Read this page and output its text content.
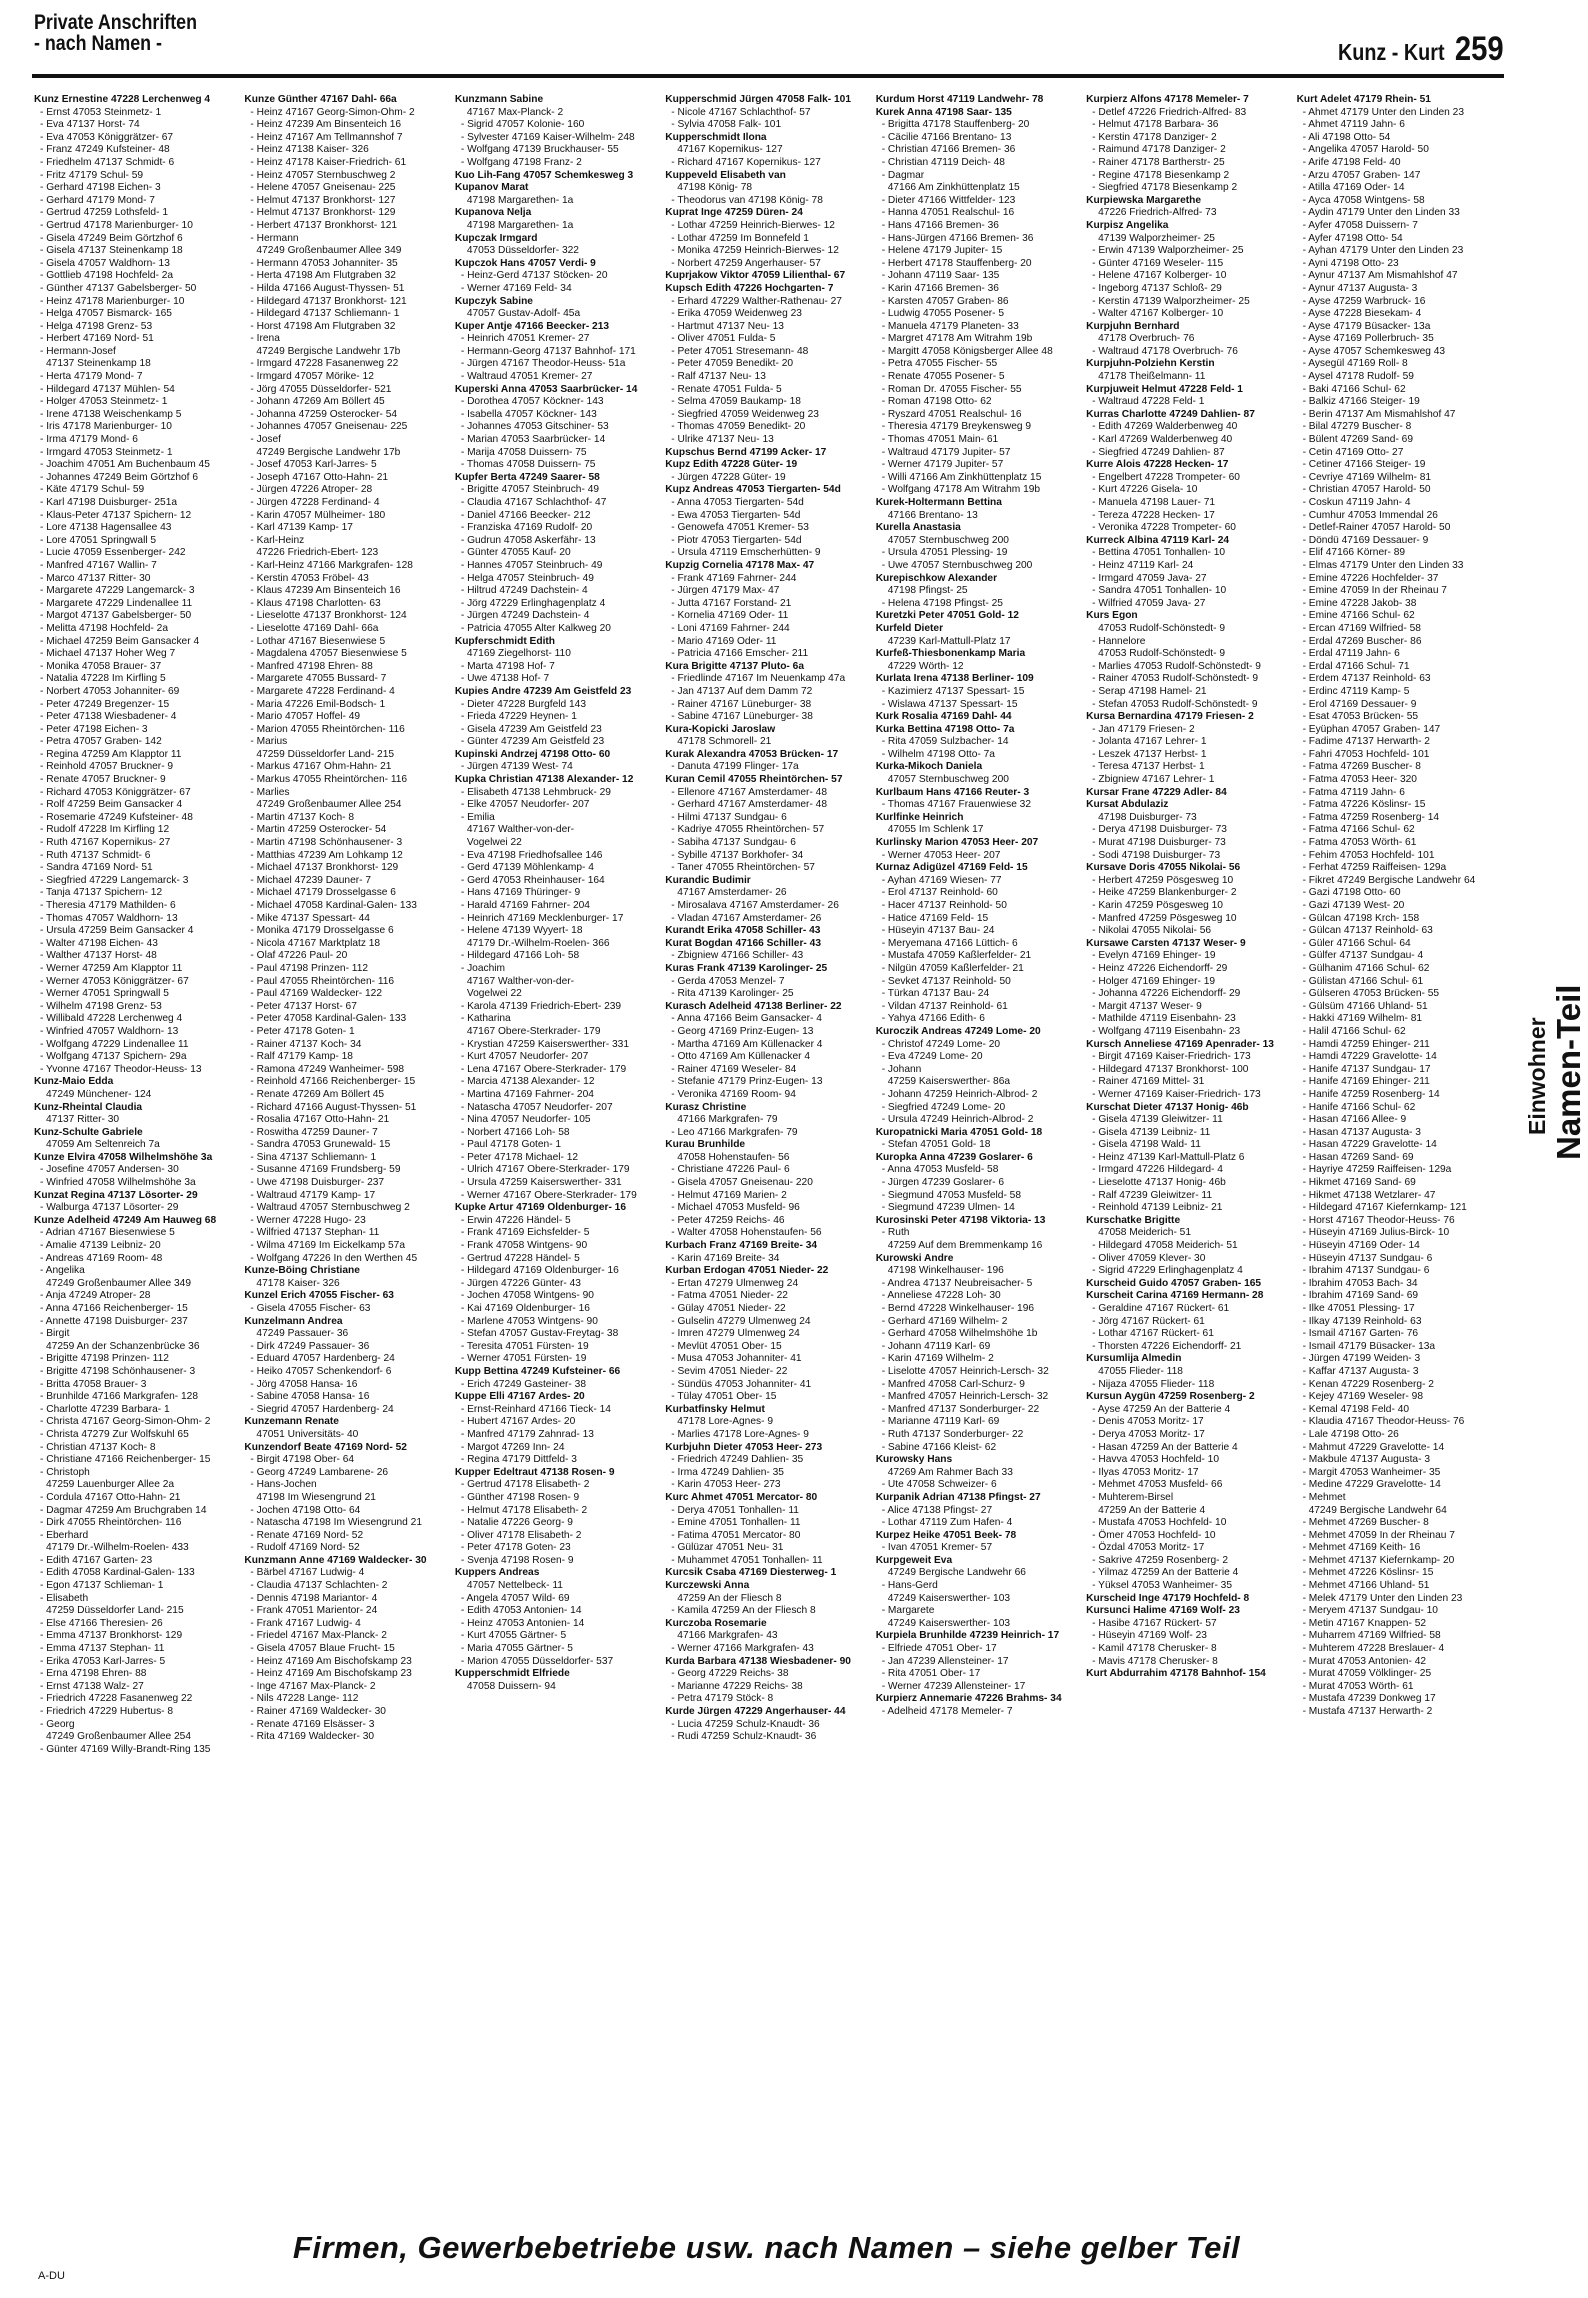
Private Anschriften
- nach Namen -	Kunz - Kurt 259
Einwohner Namen-Teil
Kunz Ernestine 47228 Lerchenweg 4
- Ernst 47053 Steinmetz- 1
- Eva 47137 Horst- 74
- Eva 47053 Königgrätzer- 67
- Franz 47249 Kufsteiner- 48
- Friedhelm 47137 Schmidt- 6
- Fritz 47179 Schul- 59
- Gerhard 47198 Eichen- 3
- Gerhard 47179 Mond- 7
- Gertrud 47259 Lothsfeld- 1
- Gertrud 47178 Marienburger- 10
- Gisela 47249 Beim Görtzhof 6
- Gisela 47137 Steinenkamp 18
- Gisela 47057 Waldhorn- 13
- Gottlieb 47198 Hochfeld- 2a
- Günther 47137 Gabelsberger- 50
- Heinz 47178 Marienburger- 10
- Helga 47057 Bismarck- 165
- Helga 47198 Grenz- 53
- Herbert 47169 Nord- 51
- Hermann-Josef
47137 Steinenkamp 18
- Herta 47179 Mond- 7
- Hildegard 47137 Mühlen- 54
- Holger 47053 Steinmetz- 1
- Irene 47138 Weischenkamp 5
- Iris 47178 Marienburger- 10
- Irma 47179 Mond- 6
- Irmgard 47053 Steinmetz- 1
- Joachim 47051 Am Buchenbaum 45
- Johannes 47249 Beim Görtzhof 6
- Käte 47179 Schul- 59
- Karl 47198 Duisburger- 251a
- Klaus-Peter 47137 Spichern- 12
- Lore 47138 Hagensallee 43
- Lore 47051 Springwall 5
- Lucie 47059 Essenberger- 242
- Manfred 47167 Wallin- 7
- Marco 47137 Ritter- 30
- Margarete 47229 Langemarck- 3
- Margarete 47229 Lindenallee 11
- Margot 47137 Gabelsberger- 50
- Melitta 47198 Hochfeld- 2a
- Michael 47259 Beim Gansacker 4
- Michael 47137 Hoher Weg 7
- Monika 47058 Brauer- 37
- Natalia 47228 Im Kirfling 5
- Norbert 47053 Johanniter- 69
- Peter 47249 Bregenzer- 15
- Peter 47138 Wiesbadener- 4
- Peter 47198 Eichen- 3
- Petra 47057 Graben- 142
- Regina 47259 Am Klapptor 11
- Reinhold 47057 Bruckner- 9
- Renate 47057 Bruckner- 9
- Richard 47053 Königgrätzer- 67
- Rolf 47259 Beim Gansacker 4
- Rosemarie 47249 Kufsteiner- 48
- Rudolf 47228 Im Kirfling 12
- Ruth 47167 Kopernikus- 27
- Ruth 47137 Schmidt- 6
- Sandra 47169 Nord- 51
- Siegfried 47229 Langemarck- 3
- Tanja 47137 Spichern- 12
- Theresia 47179 Mathilden- 6
- Thomas 47057 Waldhorn- 13
- Ursula 47259 Beim Gansacker 4
- Walter 47198 Eichen- 43
- Walther 47137 Horst- 48
- Werner 47259 Am Klapptor 11
- Werner 47053 Königgrätzer- 67
- Werner 47051 Springwall 5
- Wilhelm 47198 Grenz- 53
- Willibald 47228 Lerchenweg 4
- Winfried 47057 Waldhorn- 13
- Wolfgang 47229 Lindenallee 11
- Wolfgang 47137 Spichern- 29a
- Yvonne 47167 Theodor-Heuss- 13
Kunz-Maio Edda
47249 Münchener- 124
Kunz-Rheintal Claudia
47137 Ritter- 30
Kunz-Schulte Gabriele
47059 Am Seltenreich 7a
Kunze Elvira 47058 Wilhelmshöhe 3a
- Josefine 47057 Andersen- 30
- Winfried 47058 Wilhelmshöhe 3a
Kunzat Regina 47137 Lösorter- 29
- Walburga 47137 Lösorter- 29
Kunze Adelheid 47249 Am Hauweg 68
- Adrian 47167 Biesenwiese 5
- Amalie 47139 Leibniz- 20
- Andreas 47169 Room- 48
- Angelika
47249 Großenbaumer Allee 349
- Anja 47249 Atroper- 28
- Anna 47166 Reichenberger- 15
- Annette 47198 Duisburger- 237
- Birgit
47259 An der Schanzenbrücke 36
- Brigitte 47198 Prinzen- 112
- Brigitte 47198 Schönhausener- 3
- Britta 47058 Brauer- 3
- Brunhilde 47166 Markgrafen- 128
- Charlotte 47239 Barbara- 1
- Christa 47167 Georg-Simon-Ohm- 2
- Christa 47279 Zur Wolfskuhl 65
- Christian 47137 Koch- 8
- Christiane 47166 Reichenberger- 15
- Christoph
47259 Lauenburger Allee 2a
- Cordula 47167 Otto-Hahn- 21
- Dagmar 47259 Am Bruchgraben 14
- Dirk 47055 Rheintörchen- 116
- Eberhard
47179 Dr.-Wilhelm-Roelen- 433
- Edith 47167 Garten- 23
- Edith 47058 Kardinal-Galen- 133
- Egon 47137 Schlieman- 1
- Elisabeth
47259 Düsseldorfer Land- 215
- Else 47166 Theresien- 26
- Emma 47137 Bronkhorst- 129
- Emma 47137 Stephan- 11
- Erika 47053 Karl-Jarres- 5
- Erna 47198 Ehren- 88
- Ernst 47138 Walz- 27
- Friedrich 47228 Fasanenweg 22
- Friedrich 47229 Hubertus- 8
- Georg
47249 Großenbaumer Allee 254
- Günter 47169 Willy-Brandt-Ring 135
Kunze Günther 47167 Dahl- 66a
- Heinz 47167 Georg-Simon-Ohm- 2
- Heinz 47239 Am Binsenteich 16
- Heinz 47167 Am Tellmannshof 7
- Heinz 47138 Kaiser- 326
- Heinz 47178 Kaiser-Friedrich- 61
- Heinz 47057 Sternbuschweg 2
- Helene 47057 Gneisenau- 225
- Helmut 47137 Bronkhorst- 127
- Helmut 47137 Bronkhorst- 129
- Herbert 47137 Bronkhorst- 121
- Hermann
47249 Großenbaumer Allee 349
- Hermann 47053 Johanniter- 35
- Herta 47198 Am Flutgraben 32
- Hilda 47166 August-Thyssen- 51
- Hildegard 47137 Bronkhorst- 121
- Hildegard 47137 Schliemann- 1
- Horst 47198 Am Flutgraben 32
- Irena
47249 Bergische Landwehr 17b
- Irmgard 47228 Fasanenweg 22
- Irmgard 47057 Mörike- 12
- Jörg 47055 Düsseldorfer- 521
- Johann 47269 Am Böllert 45
- Johanna 47259 Osterocker- 54
- Johannes 47057 Gneisenau- 225
- Josef
47249 Bergische Landwehr 17b
- Josef 47053 Karl-Jarres- 5
- Joseph 47167 Otto-Hahn- 21
- Jürgen 47226 Atroper- 28
- Jürgen 47228 Ferdinand- 4
- Karin 47057 Mülheimer- 180
- Karl 47139 Kamp- 17
- Karl-Heinz
47226 Friedrich-Ebert- 123
- Karl-Heinz 47166 Markgrafen- 128
- Kerstin 47053 Fröbel- 43
- Klaus 47239 Am Binsenteich 16
- Klaus 47198 Charlotten- 63
- Lieselotte 47137 Bronkhorst- 124
- Lieselotte 47169 Dahl- 66a
- Lothar 47167 Biesenwiese 5
- Magdalena 47057 Biesenwiese 5
- Manfred 47198 Ehren- 88
- Margarete 47055 Bussard- 7
- Margarete 47228 Ferdinand- 4
- Maria 47226 Emil-Bodsch- 1
- Mario 47057 Hoffel- 49
- Marion 47055 Rheintörchen- 116
- Marius
47259 Düsseldorfer Land- 215
- Markus 47167 Ohm-Hahn- 21
- Markus 47055 Rheintörchen- 116
- Marlies
47249 Großenbaumer Allee 254
- Martin 47137 Koch- 8
- Martin 47259 Osterocker- 54
- Martin 47198 Schönhausener- 3
- Matthias 47239 Am Lohkamp 12
- Michael 47137 Bronkhorst- 129
- Michael 47239 Dauner- 7
- Michael 47179 Drosselgasse 6
- Michael 47058 Kardinal-Galen- 133
- Mike 47137 Spessart- 44
- Monika 47179 Drosselgasse 6
- Nicola 47167 Marktplatz 18
- Olaf 47226 Paul- 20
- Paul 47198 Prinzen- 112
- Paul 47055 Rheintörchen- 116
- Paul 47169 Waldecker- 122
- Peter 47137 Horst- 67
- Peter 47058 Kardinal-Galen- 133
- Peter 47178 Goten- 1
- Rainer 47137 Koch- 34
- Ralf 47179 Kamp- 18
- Ramona 47249 Wanheimer- 598
- Reinhold 47166 Reichenberger- 15
- Renate 47269 Am Böllert 45
- Richard 47166 August-Thyssen- 51
- Rosalia 47167 Otto-Hahn- 21
- Roswitha 47259 Dauner- 7
- Sandra 47053 Grunewald- 15
- Sina 47137 Schliemann- 1
- Susanne 47169 Frundsberg- 59
- Uwe 47198 Duisburger- 237
- Waltraud 47179 Kamp- 17
- Waltraud 47057 Sternbuschweg 2
- Werner 47228 Hugo- 23
- Wilfried 47137 Stephan- 11
- Wilma 47169 Im Eickelkamp 57a
- Wolfgang 47226 In den Werthen 45
Kunze-Böing Christiane
47178 Kaiser- 326
Kunzel Erich 47055 Fischer- 63
- Gisela 47055 Fischer- 63
Kunzelmann Andrea
47249 Passauer- 36
- Dirk 47249 Passauer- 36
- Eduard 47057 Hardenberg- 24
- Heiko 47057 Schenkendorf- 6
- Jörg 47058 Hansa- 16
- Sabine 47058 Hansa- 16
- Siegrid 47057 Hardenberg- 24
Kunzemann Renate
47051 Universitäts- 40
Kunzendorf Beate 47169 Nord- 52
- Birgit 47198 Ober- 64
- Georg 47249 Lambarene- 26
- Hans-Jochen
47198 Im Wiesengrund 21
- Jochen 47198 Otto- 64
- Natascha 47198 Im Wiesengrund 21
- Renate 47169 Nord- 52
- Rudolf 47169 Nord- 52
Kunzmann Anne 47169 Waldecker- 30
- Bärbel 47167 Ludwig- 4
- Claudia 47137 Schlachten- 2
- Dennis 47198 Mariantor- 4
- Frank 47051 Marientor- 24
- Frank 47167 Ludwig- 4
- Friedel 47167 Max-Planck- 2
- Gisela 47057 Blaue Frucht- 15
- Heinz 47169 Am Bischofskamp 23
- Heinz 47169 Am Bischofskamp 23
- Inge 47167 Max-Planck- 2
- Nils 47228 Lange- 112
- Rainer 47169 Waldecker- 30
- Renate 47169 Elsässer- 3
- Rita 47169 Waldecker- 30
Kunzmann Sabine
47167 Max-Planck- 2
- Sigrid 47057 Kolonie- 160
- Sylvester 47169 Kaiser-Wilhelm- 248
- Wolfgang 47139 Bruckhauser- 55
- Wolfgang 47198 Franz- 2
Kuo Lih-Fang 47057 Schemkesweg 3
Kupanov Marat
47198 Margarethen- 1a
Kupanova Nelja
47198 Margarethen- 1a
Kupczak Irmgard
47053 Düsseldorfer- 322
Kupczok Hans 47057 Verdi- 9
- Heinz-Gerd 47137 Stöcken- 20
- Werner 47169 Feld- 34
Kupczyk Sabine
47057 Gustav-Adolf- 45a
Kuper Antje 47166 Beecker- 213
- Heinrich 47051 Kremer- 27
- Hermann-Georg 47137 Bahnhof- 171
- Jürgen 47167 Theodor-Heuss- 51a
- Waltraud 47051 Kremer- 27
Kuperski Anna 47053 Saarbrücker- 14
- Dorothea 47057 Köckner- 143
- Isabella 47057 Köckner- 143
- Johannes 47053 Gitschiner- 53
- Marian 47053 Saarbrücker- 14
- Marija 47058 Duissern- 75
- Thomas 47058 Duissern- 75
Kupfer Berta 47249 Saarer- 58
- Brigitte 47057 Steinbruch- 49
- Claudia 47167 Schlachthof- 47
- Daniel 47166 Beecker- 212
- Franziska 47169 Rudolf- 20
- Gudrun 47058 Askerfähr- 13
- Günter 47055 Kauf- 20
- Hannes 47057 Steinbruch- 49
- Helga 47057 Steinbruch- 49
- Hiltrud 47249 Dachstein- 4
- Jörg 47229 Erlinghagenplatz 4
- Jürgen 47249 Dachstein- 4
- Patricia 47055 Alter Kalkweg 20
Kupferschmidt Edith
47169 Ziegelhorst- 110
- Marta 47198 Hof- 7
- Uwe 47138 Hof- 7
Kupies Andre 47239 Am Geistfeld 23
- Dieter 47228 Burgfeld 143
- Frieda 47229 Heynen- 1
- Gisela 47239 Am Geistfeld 23
- Günter 47239 Am Geistfeld 23
Kupinski Andrzej 47198 Otto- 60
- Jürgen 47139 West- 74
Kupka Christian 47138 Alexander- 12
- Elisabeth 47138 Lehmbruck- 29
- Elke 47057 Neudorfer- 207
- Emilia
47167 Walther-von-der-
Vogelwei 22
- Eva 47198 Friedhofsallee 146
- Gerd 47139 Möhlenkamp- 4
- Gerd 47053 Rheinhauser- 164
- Hans 47169 Thüringer- 9
- Harald 47169 Fahrner- 204
- Heinrich 47169 Mecklenburger- 17
- Helene 47139 Wyyert- 18
47179 Dr.-Wilhelm-Roelen- 366
- Hildegard 47166 Loh- 58
- Joachim
47167 Walther-von-der-
Vogelwei 22
- Karola 47139 Friedrich-Ebert- 239
- Katharina
47167 Obere-Sterkrader- 179
- Krystian 47259 Kaiserswerther- 331
- Kurt 47057 Neudorfer- 207
- Lena 47167 Obere-Sterkrader- 179
- Marcia 47138 Alexander- 12
- Martina 47169 Fahrner- 204
- Natascha 47057 Neudorfer- 207
- Nina 47057 Neudorfer- 105
- Norbert 47166 Loh- 58
- Paul 47178 Goten- 1
- Peter 47178 Michael- 12
- Ulrich 47167 Obere-Sterkrader- 179
- Ursula 47259 Kaiserswerther- 331
- Werner 47167 Obere-Sterkrader- 179
Kupke Artur 47169 Oldenburger- 16
- Erwin 47226 Händel- 5
- Frank 47169 Eichsfelder- 5
- Frank 47058 Wintgens- 90
- Gertrud 47228 Händel- 5
- Hildegard 47169 Oldenburger- 16
- Jürgen 47226 Günter- 43
- Jochen 47058 Wintgens- 90
- Kai 47169 Oldenburger- 16
- Marlene 47053 Wintgens- 90
- Stefan 47057 Gustav-Freytag- 38
- Teresita 47051 Fürsten- 19
- Werner 47051 Fürsten- 19
Kupp Bettina 47249 Kufsteiner- 66
- Erich 47249 Gasteiner- 38
Kuppe Elli 47167 Ardes- 20
- Ernst-Reinhard 47166 Tieck- 14
- Hubert 47167 Ardes- 20
- Manfred 47179 Zahnrad- 13
- Margot 47269 Inn- 24
- Regina 47179 Dittfeld- 3
Kupper Edeltraut 47138 Rosen- 9
- Gertrud 47178 Elisabeth- 2
- Günther 47198 Rosen- 9
- Helmut 47178 Elisabeth- 2
- Natalie 47226 Georg- 9
- Oliver 47178 Elisabeth- 2
- Peter 47178 Goten- 23
- Svenja 47198 Rosen- 9
Kuppers Andreas
47057 Nettelbeck- 11
- Angela 47057 Wild- 69
- Edith 47053 Antonien- 14
- Heinz 47053 Antonien- 14
- Kurt 47055 Gärtner- 5
- Maria 47055 Gärtner- 5
- Marion 47055 Düsseldorfer- 537
Kupperschmidt Elfriede
47058 Duissern- 94
Kupperschmid Jürgen 47058 Falk- 101
- Nicole 47167 Schlachthof- 57
- Sylvia 47058 Falk- 101
Kupperschmidt Ilona
47167 Kopernikus- 127
- Richard 47167 Kopernikus- 127
Kuppeveld Elisabeth van
47198 König- 78
- Theodorus van 47198 König- 78
Kuprat Inge 47259 Düren- 24
- Lothar 47259 Heinrich-Bierwes- 12
- Lothar 47259 Im Bonnefeld 1
- Monika 47259 Heinrich-Bierwes- 12
- Norbert 47259 Angerhauser- 57
Kuprjakow Viktor 47059 Lilienthal- 67
Kupsch Edith 47226 Hochgarten- 7
- Erhard 47229 Walther-Rathenau- 27
- Erika 47059 Weidenweg 23
- Hartmut 47137 Neu- 13
- Oliver 47051 Fulda- 5
- Peter 47051 Stresemann- 48
- Peter 47059 Benedikt- 20
- Ralf 47137 Neu- 13
- Renate 47051 Fulda- 5
- Selma 47059 Baukamp- 18
- Siegfried 47059 Weidenweg 23
- Thomas 47059 Benedikt- 20
- Ulrike 47137 Neu- 13
Kupschus Bernd 47199 Acker- 17
Kupz Edith 47228 Güter- 19
- Jürgen 47228 Güter- 19
Kupz Andreas 47053 Tiergarten- 54d
- Anna 47053 Tiergarten- 54d
- Ewa 47053 Tiergarten- 54d
- Genowefa 47051 Kremer- 53
- Piotr 47053 Tiergarten- 54d
- Ursula 47119 Emscherhütten- 9
Kupzig Cornelia 47178 Max- 47
- Frank 47169 Fahrner- 244
- Jürgen 47179 Max- 47
- Jutta 47167 Forstand- 21
- Kornelia 47169 Oder- 11
- Loni 47169 Fahrner- 244
- Mario 47169 Oder- 11
- Patricia 47166 Emscher- 211
Kura Brigitte 47137 Pluto- 6a
- Friedlinde 47167 Im Neuenkamp 47a
- Jan 47137 Auf dem Damm 72
- Rainer 47167 Lüneburger- 38
- Sabine 47167 Lüneburger- 38
Kura-Kopicki Jaroslaw
47178 Schmorell- 21
Kurak Alexandra 47053 Brücken- 17
- Danuta 47199 Flinger- 17a
Kuran Cemil 47055 Rheintörchen- 57
- Ellenore 47167 Amsterdamer- 48
- Gerhard 47167 Amsterdamer- 48
- Hilmi 47137 Sundgau- 6
- Kadriye 47055 Rheintörchen- 57
- Sabiha 47137 Sundgau- 6
- Sybille 47137 Borkhofer- 34
- Taner 47055 Rheintörchen- 57
Kurandic Budimir
47167 Amsterdamer- 26
- Mirosalava 47167 Amsterdamer- 26
- Vladan 47167 Amsterdamer- 26
Kurandt Erika 47058 Schiller- 43
Kurat Bogdan 47166 Schiller- 43
- Zbigniew 47166 Schiller- 43
Kuras Frank 47139 Karolinger- 25
- Gerda 47053 Menzel- 7
- Rita 47139 Karolinger- 25
Kurasch Adelheid 47138 Berliner- 22
- Anna 47166 Beim Gansacker- 4
- Georg 47169 Prinz-Eugen- 13
- Martha 47169 Am Küllenacker 4
- Otto 47169 Am Küllenacker 4
- Rainer 47169 Weseler- 84
- Stefanie 47179 Prinz-Eugen- 13
- Veronika 47169 Room- 94
Kurasz Christine
47166 Markgrafen- 79
- Leo 47166 Markgrafen- 79
Kurau Brunhilde
47058 Hohenstaufen- 56
- Christiane 47226 Paul- 6
- Gisela 47057 Gneisenau- 220
- Helmut 47169 Marien- 2
- Michael 47053 Musfeld- 96
- Peter 47259 Reichs- 46
- Walter 47058 Hohenstaufen- 56
Kurbach Franz 47169 Breite- 34
- Karin 47169 Breite- 34
Kurban Erdogan 47051 Nieder- 22
- Ertan 47279 Ulmenweg 24
- Fatma 47051 Nieder- 22
- Gülay 47051 Nieder- 22
- Gulselin 47279 Ulmenweg 24
- Imren 47279 Ulmenweg 24
- Mevlüt 47051 Ober- 15
- Musa 47053 Johanniter- 41
- Sevim 47051 Nieder- 22
- Sündüs 47053 Johanniter- 41
- Tülay 47051 Ober- 15
Kurbatfinsky Helmut
47178 Lore-Agnes- 9
- Marlies 47178 Lore-Agnes- 9
Kurbjuhn Dieter 47053 Heer- 273
- Friedrich 47249 Dahlien- 35
- Irma 47249 Dahlien- 35
- Karin 47053 Heer- 273
Kurc Ahmet 47051 Mercator- 80
- Derya 47051 Tonhallen- 11
- Emine 47051 Tonhallen- 11
- Fatima 47051 Mercator- 80
- Gülüzar 47051 Neu- 31
- Muhammet 47051 Tonhallen- 11
Kurcsik Csaba 47169 Diesterweg- 1
Kurczewski Anna
47259 An der Fliesch 8
- Kamila 47259 An der Fliesch 8
Kurczoba Rosemarie
47166 Markgrafen- 43
- Werner 47166 Markgrafen- 43
Kurda Barbara 47138 Wiesbadener- 90
- Georg 47229 Reichs- 38
- Marianne 47229 Reichs- 38
- Petra 47179 Stöck- 8
Kurde Jürgen 47229 Angerhauser- 44
- Lucia 47259 Schulz-Knaudt- 36
- Rudi 47259 Schulz-Knaudt- 36
Kurdum Horst 47119 Landwehr- 78
Kurek Anna 47198 Saar- 135
- Brigitta 47178 Stauffenberg- 20
- Cäcilie 47166 Brentano- 13
- Christian 47166 Bremen- 36
- Christian 47119 Deich- 48
- Dagmar
47166 Am Zinkhüttenplatz 15
- Dieter 47166 Wittfelder- 123
- Hanna 47051 Realschul- 16
- Hans 47166 Bremen- 36
- Hans-Jürgen 47166 Bremen- 36
- Helene 47179 Jupiter- 15
- Herbert 47178 Stauffenberg- 20
- Johann 47119 Saar- 135
- Karin 47166 Bremen- 36
- Karsten 47057 Graben- 86
- Ludwig 47055 Posener- 5
- Manuela 47179 Planeten- 33
- Margret 47178 Am Witrahm 19b
- Margitt 47058 Königsberger Allee 48
- Petra 47055 Fischer- 55
- Renate 47055 Posener- 5
- Roman Dr. 47055 Fischer- 55
- Roman 47198 Otto- 62
- Ryszard 47051 Realschul- 16
- Theresia 47179 Breykensweg 9
- Thomas 47051 Main- 61
- Waltraud 47179 Jupiter- 57
- Werner 47179 Jupiter- 57
- Willi 47166 Am Zinkhüttenplatz 15
- Wolfgang 47178 Am Witrahm 19b
Kurek-Holtermann Bettina
47166 Brentano- 13
Kurella Anastasia
47057 Sternbuschweg 200
- Ursula 47051 Plessing- 19
- Uwe 47057 Sternbuschweg 200
Kurepischkow Alexander
47198 Pfingst- 25
- Helena 47198 Pfingst- 25
Kuretzki Peter 47051 Gold- 12
Kurfeld Dieter
47239 Karl-Mattull-Platz 17
Kurfeß-Thiesbonenkamp Maria
47229 Wörth- 12
Kurlata Irena 47138 Berliner- 109
- Kazimierz 47137 Spessart- 15
- Wislawa 47137 Spessart- 15
Kurk Rosalia 47169 Dahl- 44
Kurka Bettina 47198 Otto- 7a
- Rita 47059 Sulzbacher- 14
- Wilhelm 47198 Otto- 7a
Kurka-Mikoch Daniela
47057 Sternbuschweg 200
Kurlbaum Hans 47166 Reuter- 3
- Thomas 47167 Frauenwiese 32
Kurlfinke Heinrich
47055 Im Schlenk 17
Kurlinsky Marion 47053 Heer- 207
- Werner 47053 Heer- 207
Kurnaz Adigüzel 47169 Feld- 15
- Ayhan 47169 Wiesen- 77
- Erol 47137 Reinhold- 60
- Hacer 47137 Reinhold- 50
- Hatice 47169 Feld- 15
- Hüseyin 47137 Bau- 24
- Meryemana 47166 Lüttich- 6
- Mustafa 47059 Kaßlerfelder- 21
- Nilgün 47059 Kaßlerfelder- 21
- Sevket 47137 Reinhold- 50
- Türkan 47137 Bau- 24
- Vildan 47137 Reinhold- 61
- Yahya 47166 Edith- 6
Kuroczik Andreas 47249 Lome- 20
- Christof 47249 Lome- 20
- Eva 47249 Lome- 20
- Johann
47259 Kaiserswerther- 86a
- Johann 47259 Heinrich-Albrod- 2
- Siegfried 47249 Lome- 20
- Ursula 47249 Heinrich-Albrod- 2
Kuropatnicki Maria 47051 Gold- 18
- Stefan 47051 Gold- 18
Kuropka Anna 47239 Goslarer- 6
- Anna 47053 Musfeld- 58
- Jürgen 47239 Goslarer- 6
- Siegmund 47053 Musfeld- 58
- Siegmund 47239 Ulmen- 14
Kurosinski Peter 47198 Viktoria- 13
- Ruth
47259 Auf dem Bremmenkamp 16
Kurowski Andre
47198 Winkelhauser- 196
- Andrea 47137 Neubreisacher- 5
- Anneliese 47228 Loh- 30
- Bernd 47228 Winkelhauser- 196
- Gerhard 47169 Wilhelm- 2
- Gerhard 47058 Wilhelmshöhe 1b
- Johann 47119 Karl- 69
- Karin 47169 Wilhelm- 2
- Liselotte 47057 Heinrich-Lersch- 32
- Manfred 47058 Carl-Schurz- 9
- Manfred 47057 Heinrich-Lersch- 32
- Manfred 47137 Sonderburger- 22
- Marianne 47119 Karl- 69
- Ruth 47137 Sonderburger- 22
- Sabine 47166 Kleist- 62
Kurowsky Hans
47269 Am Rahmer Bach 33
- Ute 47058 Schweizer- 6
Kurpanik Adrian 47138 Pfingst- 27
- Alice 47138 Pfingst- 27
- Lothar 47119 Zum Hafen- 4
Kurpez Heike 47051 Beek- 78
- Ivan 47051 Kremer- 57
Kurpgeweit Eva
47249 Bergische Landwehr 66
- Hans-Gerd
47249 Kaiserswerther- 103
- Margarete
47249 Kaiserswerther- 103
Kurpiela Brunhilde 47239 Heinrich- 17
- Elfriede 47051 Ober- 17
- Jan 47239 Allensteiner- 17
- Rita 47051 Ober- 17
- Werner 47239 Allensteiner- 17
Kurpierz Annemarie 47226 Brahms- 34
- Adelheid 47178 Memeler- 7
Kurpierz Alfons 47178 Memeler- 7
- Detlef 47226 Friedrich-Alfred- 83
- Helmut 47178 Barbara- 36
- Kerstin 47178 Danziger- 2
- Raimund 47178 Danziger- 2
- Rainer 47178 Bartherstr- 25
- Regine 47178 Biesenkamp 2
- Siegfried 47178 Biesenkamp 2
Kurpiewska Margarethe
47226 Friedrich-Alfred- 73
Kurpisz Angelika
47139 Walporzheimer- 25
- Erwin 47139 Walporzheimer- 25
- Günter 47169 Weseler- 115
- Helene 47167 Kolberger- 10
- Ingeborg 47137 Schloß- 29
- Kerstin 47139 Walporzheimer- 25
- Walter 47167 Kolberger- 10
Kurpjuhn Bernhard
47178 Overbruch- 76
- Waltraud 47178 Overbruch- 76
Kurpjuhn-Polziehn Kerstin
47178 Theißelmann- 11
Kurpjuweit Helmut 47228 Feld- 1
- Waltraud 47228 Feld- 1
Kurras Charlotte 47249 Dahlien- 87
- Edith 47269 Walderbenweg 40
- Karl 47269 Walderbenweg 40
- Siegfried 47249 Dahlien- 87
Kurre Alois 47228 Hecken- 17
- Engelbert 47228 Trompeter- 60
- Kurt 47226 Gisela- 10
- Manuela 47198 Lauer- 71
- Tereza 47228 Hecken- 17
- Veronika 47228 Trompeter- 60
Kurreck Albina 47119 Karl- 24
- Bettina 47051 Tonhallen- 10
- Heinz 47119 Karl- 24
- Irmgard 47059 Java- 27
- Sandra 47051 Tonhallen- 10
- Wilfried 47059 Java- 27
Kurs Egon
47053 Rudolf-Schönstedt- 9
- Hannelore
47053 Rudolf-Schönstedt- 9
- Marlies 47053 Rudolf-Schönstedt- 9
- Rainer 47053 Rudolf-Schönstedt- 9
- Serap 47198 Hamel- 21
- Stefan 47053 Rudolf-Schönstedt- 9
Kursa Bernardina 47179 Friesen- 2
- Jan 47179 Friesen- 2
- Jolanta 47167 Lehrer- 1
- Leszek 47137 Herbst- 1
- Teresa 47137 Herbst- 1
- Zbigniew 47167 Lehrer- 1
Kursar Frane 47229 Adler- 84
Kursat Abdulaziz
47198 Duisburger- 73
- Derya 47198 Duisburger- 73
- Murat 47198 Duisburger- 73
- Sodi 47198 Duisburger- 73
Kursave Doris 47055 Nikolai- 56
- Herbert 47259 Pösgesweg 10
- Heike 47259 Blankenburger- 2
- Karin 47259 Pösgesweg 10
- Manfred 47259 Pösgesweg 10
- Nikolai 47055 Nikolai- 56
Kursawe Carsten 47137 Weser- 9
- Evelyn 47169 Ehinger- 19
- Heinz 47226 Eichendorff- 29
- Holger 47169 Ehinger- 19
- Johanna 47226 Eichendorff- 29
- Margit 47137 Weser- 9
- Mathilde 47119 Eisenbahn- 23
- Wolfgang 47119 Eisenbahn- 23
Kursch Anneliese 47169 Apenrader- 13
- Birgit 47169 Kaiser-Friedrich- 173
- Hildegard 47137 Bronkhorst- 100
- Rainer 47169 Mittel- 31
- Werner 47169 Kaiser-Friedrich- 173
Kurschat Dieter 47137 Honig- 46b
- Gisela 47139 Gleiwitzer- 11
- Gisela 47139 Leibniz- 11
- Gisela 47198 Wald- 11
- Heinz 47139 Karl-Mattull-Platz 6
- Irmgard 47226 Hildegard- 4
- Lieselotte 47137 Honig- 46b
- Ralf 47239 Gleiwitzer- 11
- Reinhold 47139 Leibniz- 21
Kurschatke Brigitte
47058 Meiderich- 51
- Hildegard 47058 Meiderich- 51
- Oliver 47059 Klever- 30
- Sigrid 47229 Erlinghagenplatz 4
Kurscheid Guido 47057 Graben- 165
Kurscheit Carina 47169 Hermann- 28
- Geraldine 47167 Rückert- 61
- Jörg 47167 Rückert- 61
- Lothar 47167 Rückert- 61
- Thorsten 47226 Eichendorff- 21
Kursumlija Almedin
47055 Flieder- 118
- Nijaza 47055 Flieder- 118
Kursun Aygün 47259 Rosenberg- 2
- Ayse 47259 An der Batterie 4
- Denis 47053 Moritz- 17
- Derya 47053 Moritz- 17
- Hasan 47259 An der Batterie 4
- Havva 47053 Hochfeld- 10
- Ilyas 47053 Moritz- 17
- Mehmet 47053 Musfeld- 66
- Muhterem-Birsel
47259 An der Batterie 4
- Mustafa 47053 Hochfeld- 10
- Ömer 47053 Hochfeld- 10
- Özdal 47053 Moritz- 17
- Sakrive 47259 Rosenberg- 2
- Yilmaz 47259 An der Batterie 4
- Yüksel 47053 Wanheimer- 35
Kurscheid Inge 47179 Hochfeld- 8
Kursunci Halime 47169 Wolf- 23
- Hasibe 47167 Rückert- 57
- Hüseyin 47169 Wolf- 23
- Kamil 47178 Cherusker- 8
- Mavis 47178 Cherusker- 8
Kurt Abdurrahim 47178 Bahnhof- 154
Kurt Adelet 47179 Rhein- 51
- Ahmet 47179 Unter den Linden 23
- Ahmet 47119 Jahn- 6
- Ali 47198 Otto- 54
- Angelika 47057 Harold- 50
- Arife 47198 Feld- 40
- Arzu 47057 Graben- 147
- Atilla 47169 Oder- 14
- Ayca 47058 Wintgens- 58
- Aydin 47179 Unter den Linden 33
- Ayfer 47058 Duissern- 7
- Ayfer 47198 Otto- 54
- Ayhan 47179 Unter den Linden 23
- Ayni 47198 Otto- 23
- Aynur 47137 Am Mismahlshof 47
- Aynur 47137 Augusta- 3
- Ayse 47259 Warbruck- 16
- Ayse 47228 Biesekam- 4
- Ayse 47179 Büsacker- 13a
- Ayse 47169 Pollerbruch- 35
- Ayse 47057 Schemkesweg 43
- Aysegül 47169 Roll- 8
- Aysel 47178 Rudolf- 59
- Baki 47166 Schul- 62
- Balkiz 47166 Steiger- 19
- Berin 47137 Am Mismahlshof 47
- Bilal 47279 Buscher- 8
- Bülent 47269 Sand- 69
- Cetin 47169 Otto- 27
- Cetiner 47166 Steiger- 19
- Cevriye 47169 Wilhelm- 81
- Christian 47057 Harold- 50
- Coskun 47119 Jahn- 4
- Cumhur 47053 Immendal 26
- Detlef-Rainer 47057 Harold- 50
- Döndü 47169 Dessauer- 9
- Elif 47166 Körner- 89
- Elmas 47179 Unter den Linden 33
- Emine 47226 Hochfelder- 37
- Emine 47059 In der Rheinau 7
- Emine 47228 Jakob- 38
- Emine 47166 Schul- 62
- Ercan 47169 Wilfried- 58
- Erdal 47269 Buscher- 86
- Erdal 47119 Jahn- 6
- Erdal 47166 Schul- 71
- Erdem 47137 Reinhold- 63
- Erdinc 47119 Kamp- 5
- Erol 47169 Dessauer- 9
- Esat 47053 Brücken- 55
- Eyüphan 47057 Graben- 147
- Fadime 47137 Herwarth- 2
- Fahri 47053 Hochfeld- 101
- Fatma 47269 Buscher- 8
- Fatma 47053 Heer- 320
- Fatma 47119 Jahn- 6
- Fatma 47226 Köslinsr- 15
- Fatma 47259 Rosenberg- 14
- Fatma 47166 Schul- 62
- Fatma 47053 Wörth- 61
- Fehim 47053 Hochfeld- 101
- Ferhat 47259 Raiffeisen- 129a
- Fikret 47249 Bergische Landwehr 64
- Gazi 47198 Otto- 60
- Gazi 47139 West- 20
- Gülcan 47198 Krch- 158
- Gülcan 47137 Reinhold- 63
- Güler 47166 Schul- 64
- Gülfer 47137 Sundgau- 4
- Gülhanim 47166 Schul- 62
- Gülistan 47166 Schul- 61
- Gülseren 47053 Brücken- 55
- Gülsüm 47166 Uhland- 51
- Hakki 47169 Wilhelm- 81
- Halil 47166 Schul- 62
- Hamdi 47259 Ehinger- 211
- Hamdi 47229 Gravelotte- 14
- Hanife 47137 Sundgau- 17
- Hanife 47169 Ehinger- 211
- Hanife 47259 Rosenberg- 14
- Hanife 47166 Schul- 62
- Hasan 47166 Allee- 9
- Hasan 47137 Augusta- 3
- Hasan 47229 Gravelotte- 14
- Hasan 47269 Sand- 69
- Hayriye 47259 Raiffeisen- 129a
- Hikmet 47169 Sand- 69
- Hikmet 47138 Wetzlarer- 47
- Hildegard 47167 Kiefernkamp- 121
- Horst 47167 Theodor-Heuss- 76
- Hüseyin 47169 Julius-Birck- 10
- Hüseyin 47169 Oder- 14
- Hüseyin 47137 Sundgau- 6
- Ibrahim 47137 Sundgau- 6
- Ibrahim 47053 Bach- 34
- Ibrahim 47169 Sand- 69
- Ilke 47051 Plessing- 17
- Ilkay 47139 Reinhold- 63
- Ismail 47167 Garten- 76
- Ismail 47179 Büsacker- 13a
- Jürgen 47199 Weiden- 3
- Kaffar 47137 Augusta- 3
- Kenan 47229 Rosenberg- 2
- Kejey 47169 Weseler- 98
- Kemal 47198 Feld- 40
- Klaudia 47167 Theodor-Heuss- 76
- Lale 47198 Otto- 26
- Mahmut 47229 Gravelotte- 14
- Makbule 47137 Augusta- 3
- Margit 47053 Wanheimer- 35
- Medine 47229 Gravelotte- 14
- Mehmet
47249 Bergische Landwehr 64
- Mehmet 47269 Buscher- 8
- Mehmet 47059 In der Rheinau 7
- Mehmet 47169 Keith- 16
- Mehmet 47137 Kiefernkamp- 20
- Mehmet 47226 Köslinsr- 15
- Mehmet 47166 Uhland- 51
- Melek 47179 Unter den Linden 23
- Meryem 47137 Sundgau- 10
- Metin 47167 Knappen- 52
- Muharrem 47169 Wilfried- 58
- Muhterem 47228 Breslauer- 4
- Murat 47053 Antonien- 42
- Murat 47059 Völklinger- 25
- Murat 47053 Wörth- 61
- Mustafa 47239 Donkweg 17
- Mustafa 47137 Herwarth- 2
Firmen, Gewerbebetriebe usw. nach Namen – siehe gelber Teil
A-DU
